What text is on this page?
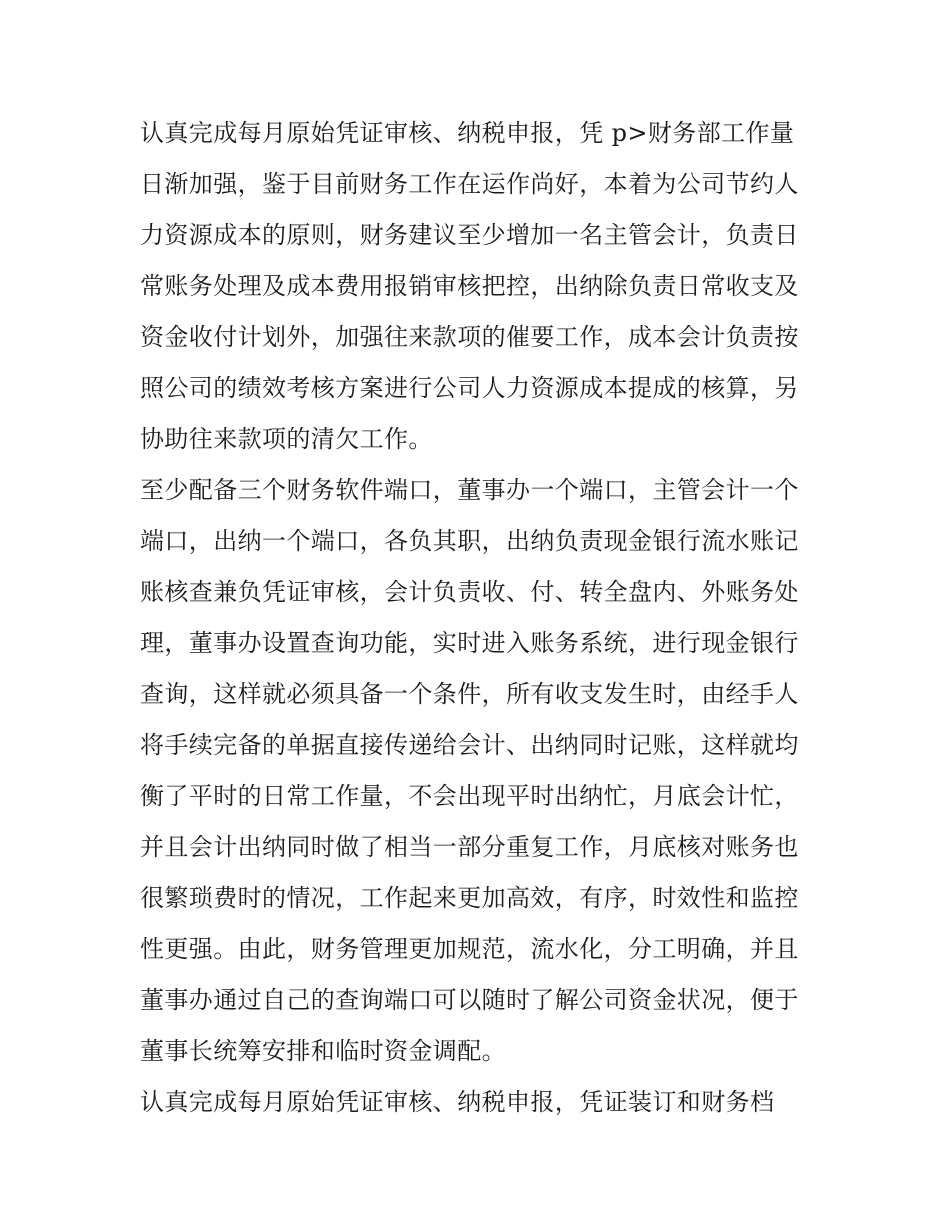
认真完成每月原始凭证审核、纳税申报，凭 p>财务部工作量
日渐加强，鉴于目前财务工作在运作尚好，本着为公司节约人
力资源成本的原则，财务建议至少增加一名主管会计，负责日
常账务处理及成本费用报销审核把控，出纳除负责日常收支及
资金收付计划外，加强往来款项的催要工作，成本会计负责按
照公司的绩效考核方案进行公司人力资源成本提成的核算，另
协助往来款项的清欠工作。
至少配备三个财务软件端口，董事办一个端口，主管会计一个
端口，出纳一个端口，各负其职，出纳负责现金银行流水账记
账核查兼负凭证审核，会计负责收、付、转全盘内、外账务处
理，董事办设置查询功能，实时进入账务系统，进行现金银行
查询，这样就必须具备一个条件，所有收支发生时，由经手人
将手续完备的单据直接传递给会计、出纳同时记账，这样就均
衡了平时的日常工作量，不会出现平时出纳忙，月底会计忙，
并且会计出纳同时做了相当一部分重复工作，月底核对账务也
很繁琐费时的情况，工作起来更加高效，有序，时效性和监控
性更强。由此，财务管理更加规范，流水化，分工明确，并且
董事办通过自己的查询端口可以随时了解公司资金状况，便于
董事长统筹安排和临时资金调配。
认真完成每月原始凭证审核、纳税申报，凭证装订和财务档
